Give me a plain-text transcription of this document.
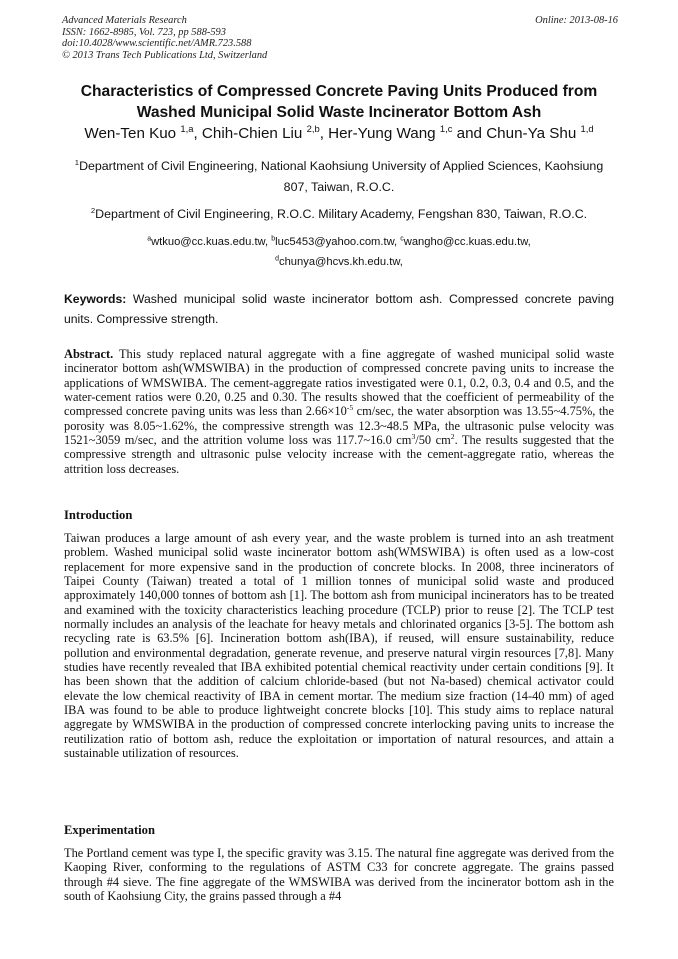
Advanced Materials Research
ISSN: 1662-8985, Vol. 723, pp 588-593
doi:10.4028/www.scientific.net/AMR.723.588
© 2013 Trans Tech Publications Ltd, Switzerland
Online: 2013-08-16
Characteristics of Compressed Concrete Paving Units Produced from
Washed Municipal Solid Waste Incinerator Bottom Ash
Wen-Ten Kuo $^{1,a}$, Chih-Chien Liu $^{2,b}$, Her-Yung Wang $^{1,c}$ and Chun-Ya Shu $^{1,d}$
$^1$Department of Civil Engineering, National Kaohsiung University of Applied Sciences, Kaohsiung
807, Taiwan, R.O.C.
$^2$Department of Civil Engineering, R.O.C. Military Academy, Fengshan 830, Taiwan, R.O.C.
$^a$wtkuo@cc.kuas.edu.tw, $^b$luc5453@yahoo.com.tw, $^c$wangho@cc.kuas.edu.tw,
$^d$chunya@hcvs.kh.edu.tw,
Keywords: Washed municipal solid waste incinerator bottom ash. Compressed concrete paving units. Compressive strength.
Abstract. This study replaced natural aggregate with a fine aggregate of washed municipal solid waste incinerator bottom ash(WMSWIBA) in the production of compressed concrete paving units to increase the applications of WMSWIBA. The cement-aggregate ratios investigated were 0.1, 0.2, 0.3, 0.4 and 0.5, and the water-cement ratios were 0.20, 0.25 and 0.30. The results showed that the coefficient of permeability of the compressed concrete paving units was less than $2.66\times 10^{-5}$ cm/sec, the water absorption was 13.55~4.75%, the porosity was 8.05~1.62%, the compressive strength was 12.3~48.5 MPa, the ultrasonic pulse velocity was 1521~3059 m/sec, and the attrition volume loss was 117.7~16.0 $cm^3/50$ $cm^2$. The results suggested that the compressive strength and ultrasonic pulse velocity increase with the cement-aggregate ratio, whereas the attrition loss decreases.
Introduction
Taiwan produces a large amount of ash every year, and the waste problem is turned into an ash treatment problem. Washed municipal solid waste incinerator bottom ash(WMSWIBA) is often used as a low-cost replacement for more expensive sand in the production of concrete blocks. In 2008, three incinerators of Taipei County (Taiwan) treated a total of 1 million tonnes of municipal solid waste and produced approximately 140,000 tonnes of bottom ash [1]. The bottom ash from municipal incinerators has to be treated and examined with the toxicity characteristics leaching procedure (TCLP) prior to reuse [2]. The TCLP test normally includes an analysis of the leachate for heavy metals and chlorinated organics [3-5]. The bottom ash recycling rate is 63.5% [6]. Incineration bottom ash(IBA), if reused, will ensure sustainability, reduce pollution and environmental degradation, generate revenue, and preserve natural virgin resources [7,8]. Many studies have recently revealed that IBA exhibited potential chemical reactivity under certain conditions [9]. It has been shown that the addition of calcium chloride-based (but not Na-based) chemical activator could elevate the low chemical reactivity of IBA in cement mortar. The medium size fraction (14-40 mm) of aged IBA was found to be able to produce lightweight concrete blocks [10]. This study aims to replace natural aggregate by WMSWIBA in the production of compressed concrete interlocking paving units to increase the reutilization ratio of bottom ash, reduce the exploitation or importation of natural resources, and attain a sustainable utilization of resources.
Experimentation
The Portland cement was type I, the specific gravity was 3.15. The natural fine aggregate was derived from the Kaoping River, conforming to the regulations of ASTM C33 for concrete aggregate. The grains passed through #4 sieve. The fine aggregate of the WMSWIBA was derived from the incinerator bottom ash in the south of Kaohsiung City, the grains passed through a #4
